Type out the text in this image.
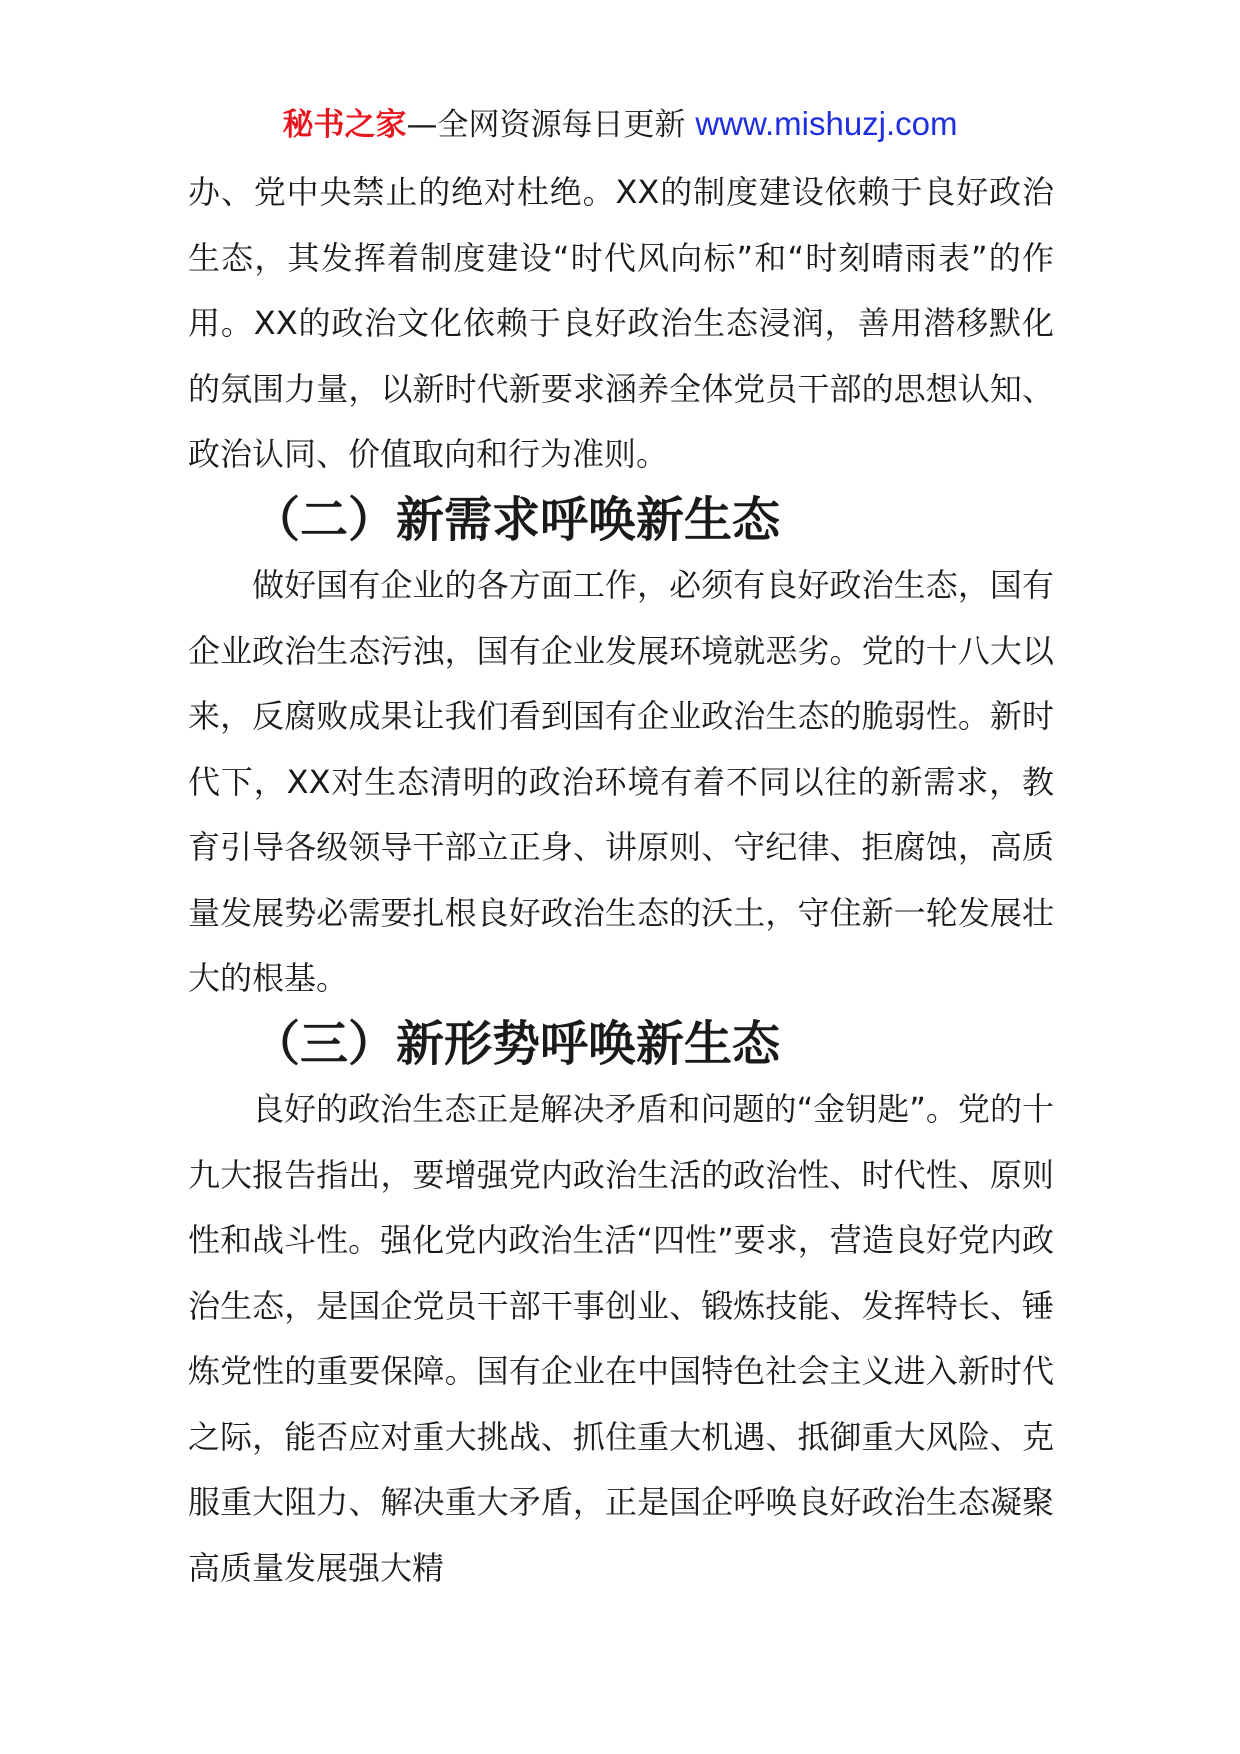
秘书之家—全网资源每日更新 www.mishuzj.com

办、党中央禁止的绝对杜绝。XX的制度建设依赖于良好政治生态，其发挥着制度建设“时代风向标”和“时刻晴雨表”的作用。XX的政治文化依赖于良好政治生态浸润，善用潜移默化的氛围力量，以新时代新要求涵养全体党员干部的思想认知、政治认同、价值取向和行为准则。

（二）新需求呼唤新生态

做好国有企业的各方面工作，必须有良好政治生态，国有企业政治生态污浊，国有企业发展环境就恶劣。党的十八大以来，反腐败成果让我们看到国有企业政治生态的脆弱性。新时代下，XX对生态清明的政治环境有着不同以往的新需求，教育引导各级领导干部立正身、讲原则、守纪律、拒腐蚀，高质量发展势必需要扎根良好政治生态的沃土，守住新一轮发展壮大的根基。

（三）新形势呼唤新生态

良好的政治生态正是解决矛盾和问题的“金钥匙”。党的十九大报告指出，要增强党内政治生活的政治性、时代性、原则性和战斗性。强化党内政治生活“四性”要求，营造良好党内政治生态，是国企党员干部干事创业、锻炼技能、发挥特长、锤炼党性的重要保障。国有企业在中国特色社会主义进入新时代之际，能否应对重大挑战、抓住重大机遇、抵御重大风险、克服重大阻力、解决重大矛盾，正是国企呼唤良好政治生态凝聚高质量发展强大精
